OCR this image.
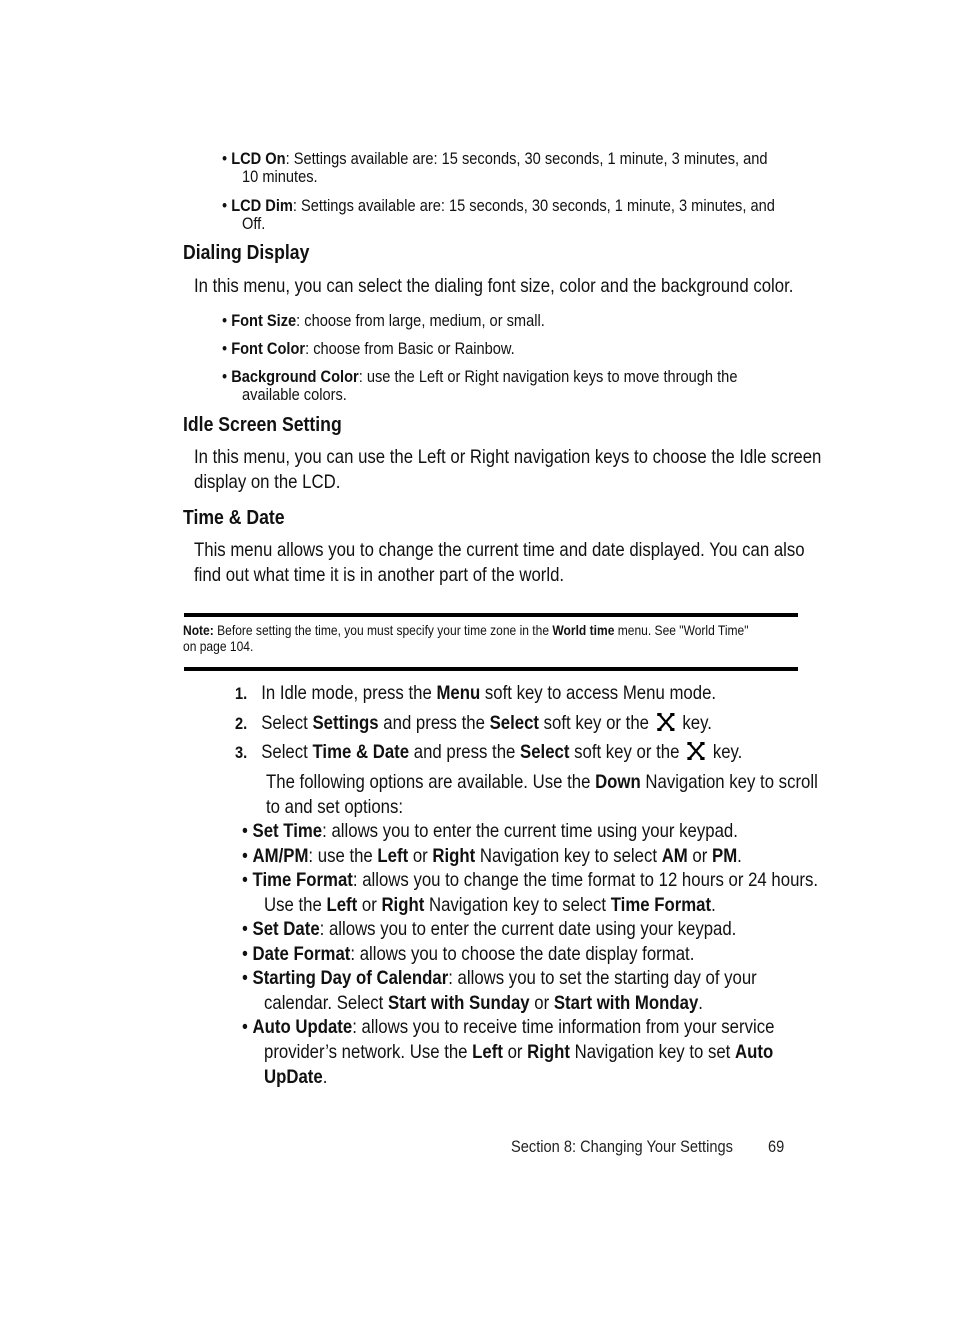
• LCD On: Settings available are: 15 seconds, 30 seconds, 1 minute, 3 minutes, and
10 minutes.
• LCD Dim: Settings available are: 15 seconds, 30 seconds, 1 minute, 3 minutes, and
Off.
Dialing Display
In this menu, you can select the dialing font size, color and the background color.
• Font Size: choose from large, medium, or small.
• Font Color: choose from Basic or Rainbow.
• Background Color: use the Left or Right navigation keys to move through the
available colors.
Idle Screen Setting
In this menu, you can use the Left or Right navigation keys to choose the Idle screen
display on the LCD.
Time & Date
This menu allows you to change the current time and date displayed. You can also
find out what time it is in another part of the world.
Note: Before setting the time, you must specify your time zone in the World time menu. See "World Time"
on page 104.
1. In Idle mode, press the Menu soft key to access Menu mode.
2. Select Settings and press the Select soft key or the  key.
3. Select Time & Date and press the Select soft key or the  key.
The following options are available. Use the Down Navigation key to scroll
to and set options:
• Set Time: allows you to enter the current time using your keypad.
• AM/PM: use the Left or Right Navigation key to select AM or PM.
• Time Format: allows you to change the time format to 12 hours or 24 hours.
Use the Left or Right Navigation key to select Time Format.
• Set Date: allows you to enter the current date using your keypad.
• Date Format: allows you to choose the date display format.
• Starting Day of Calendar: allows you to set the starting day of your
calendar. Select Start with Sunday or Start with Monday.
• Auto Update: allows you to receive time information from your service
provider’s network. Use the Left or Right Navigation key to set Auto
UpDate.
Section 8: Changing Your Settings	69
